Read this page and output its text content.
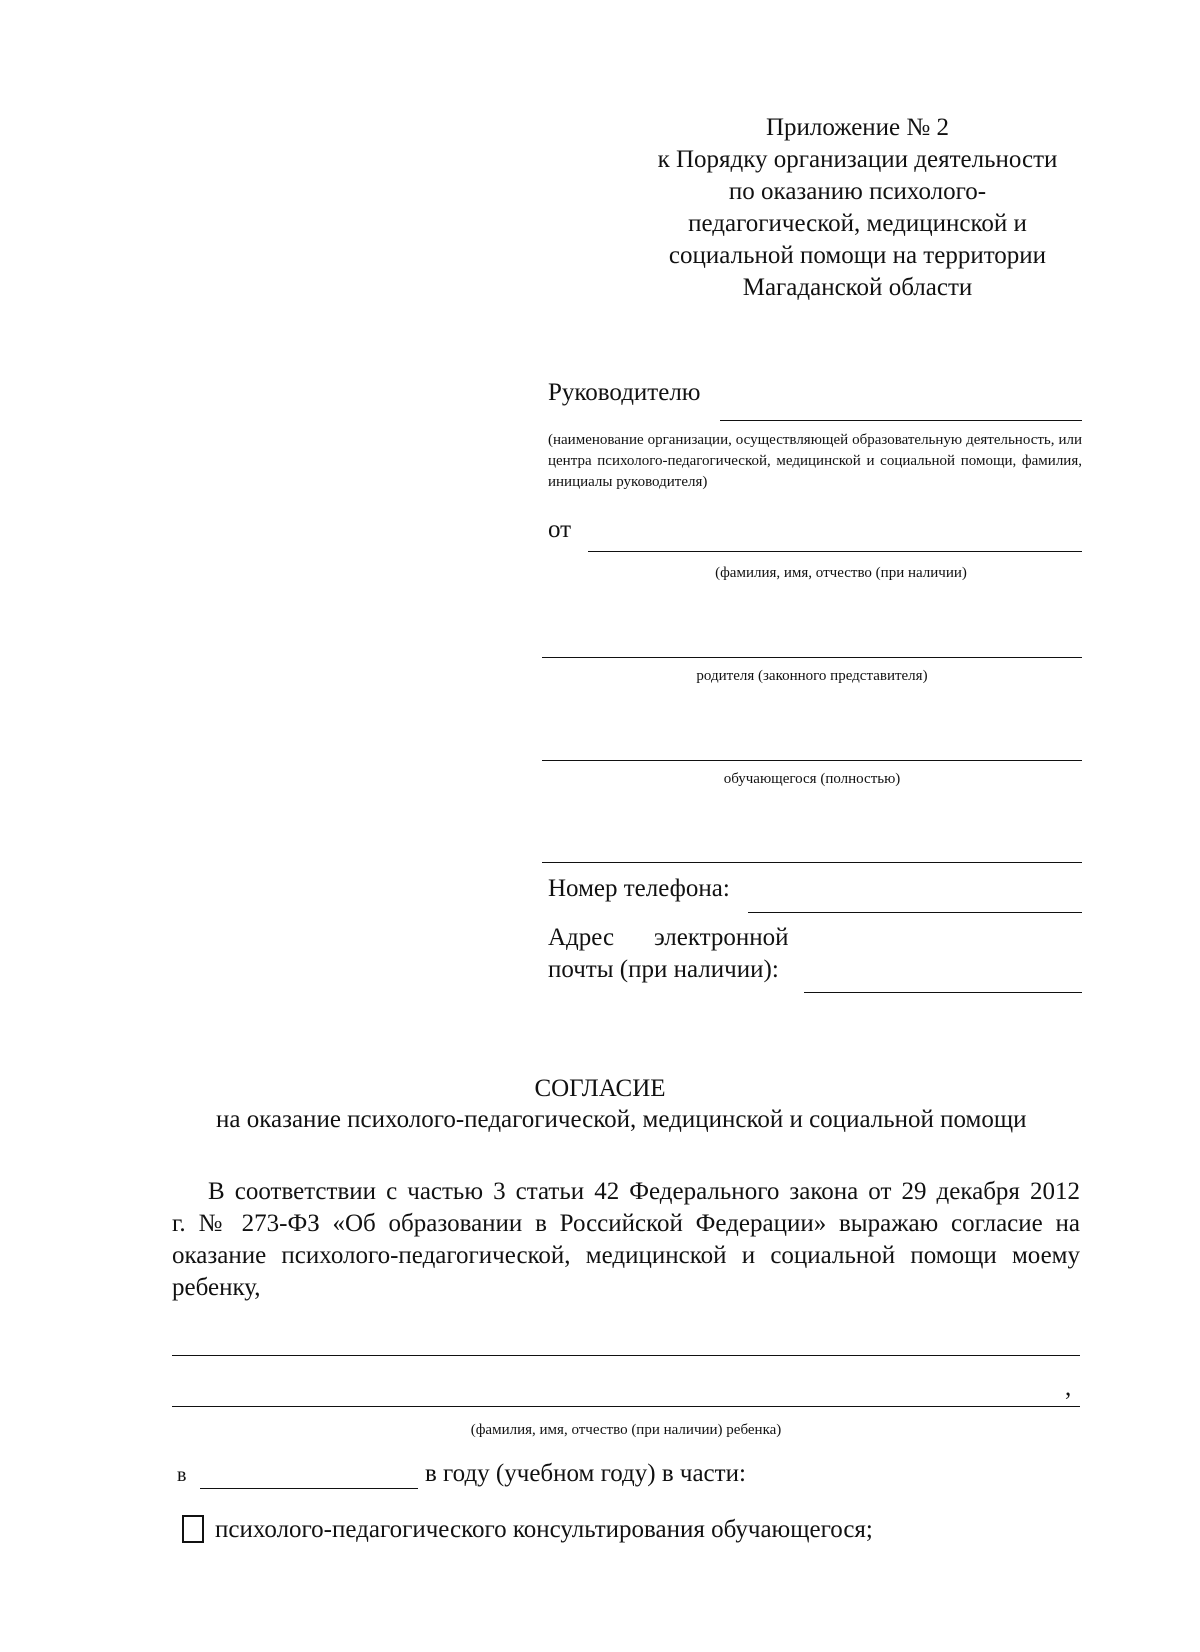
Приложение № 2
к Порядку организации деятельности
по оказанию психолого-
педагогической, медицинской и
социальной помощи на территории
Магаданской области
Руководителю
(наименование организации, осуществляющей образовательную деятельность, или центра психолого-педагогической, медицинской и социальной помощи, фамилия, инициалы руководителя)
от
(фамилия, имя, отчество (при наличии)
родителя (законного представителя)
обучающегося (полностью)
Номер телефона:
Адрес электронной
почты (при наличии):
СОГЛАСИЕ
на оказание психолого-педагогической, медицинской и социальной помощи
В соответствии с частью 3 статьи 42 Федерального закона от 29 декабря 2012
г. № 273-ФЗ «Об образовании в Российской Федерации» выражаю согласие на
оказание психолого-педагогической, медицинской и социальной помощи моему
ребенку,
,
(фамилия, имя, отчество (при наличии) ребенка)
в	в году (учебном году) в части:
психолого-педагогического консультирования обучающегося;
